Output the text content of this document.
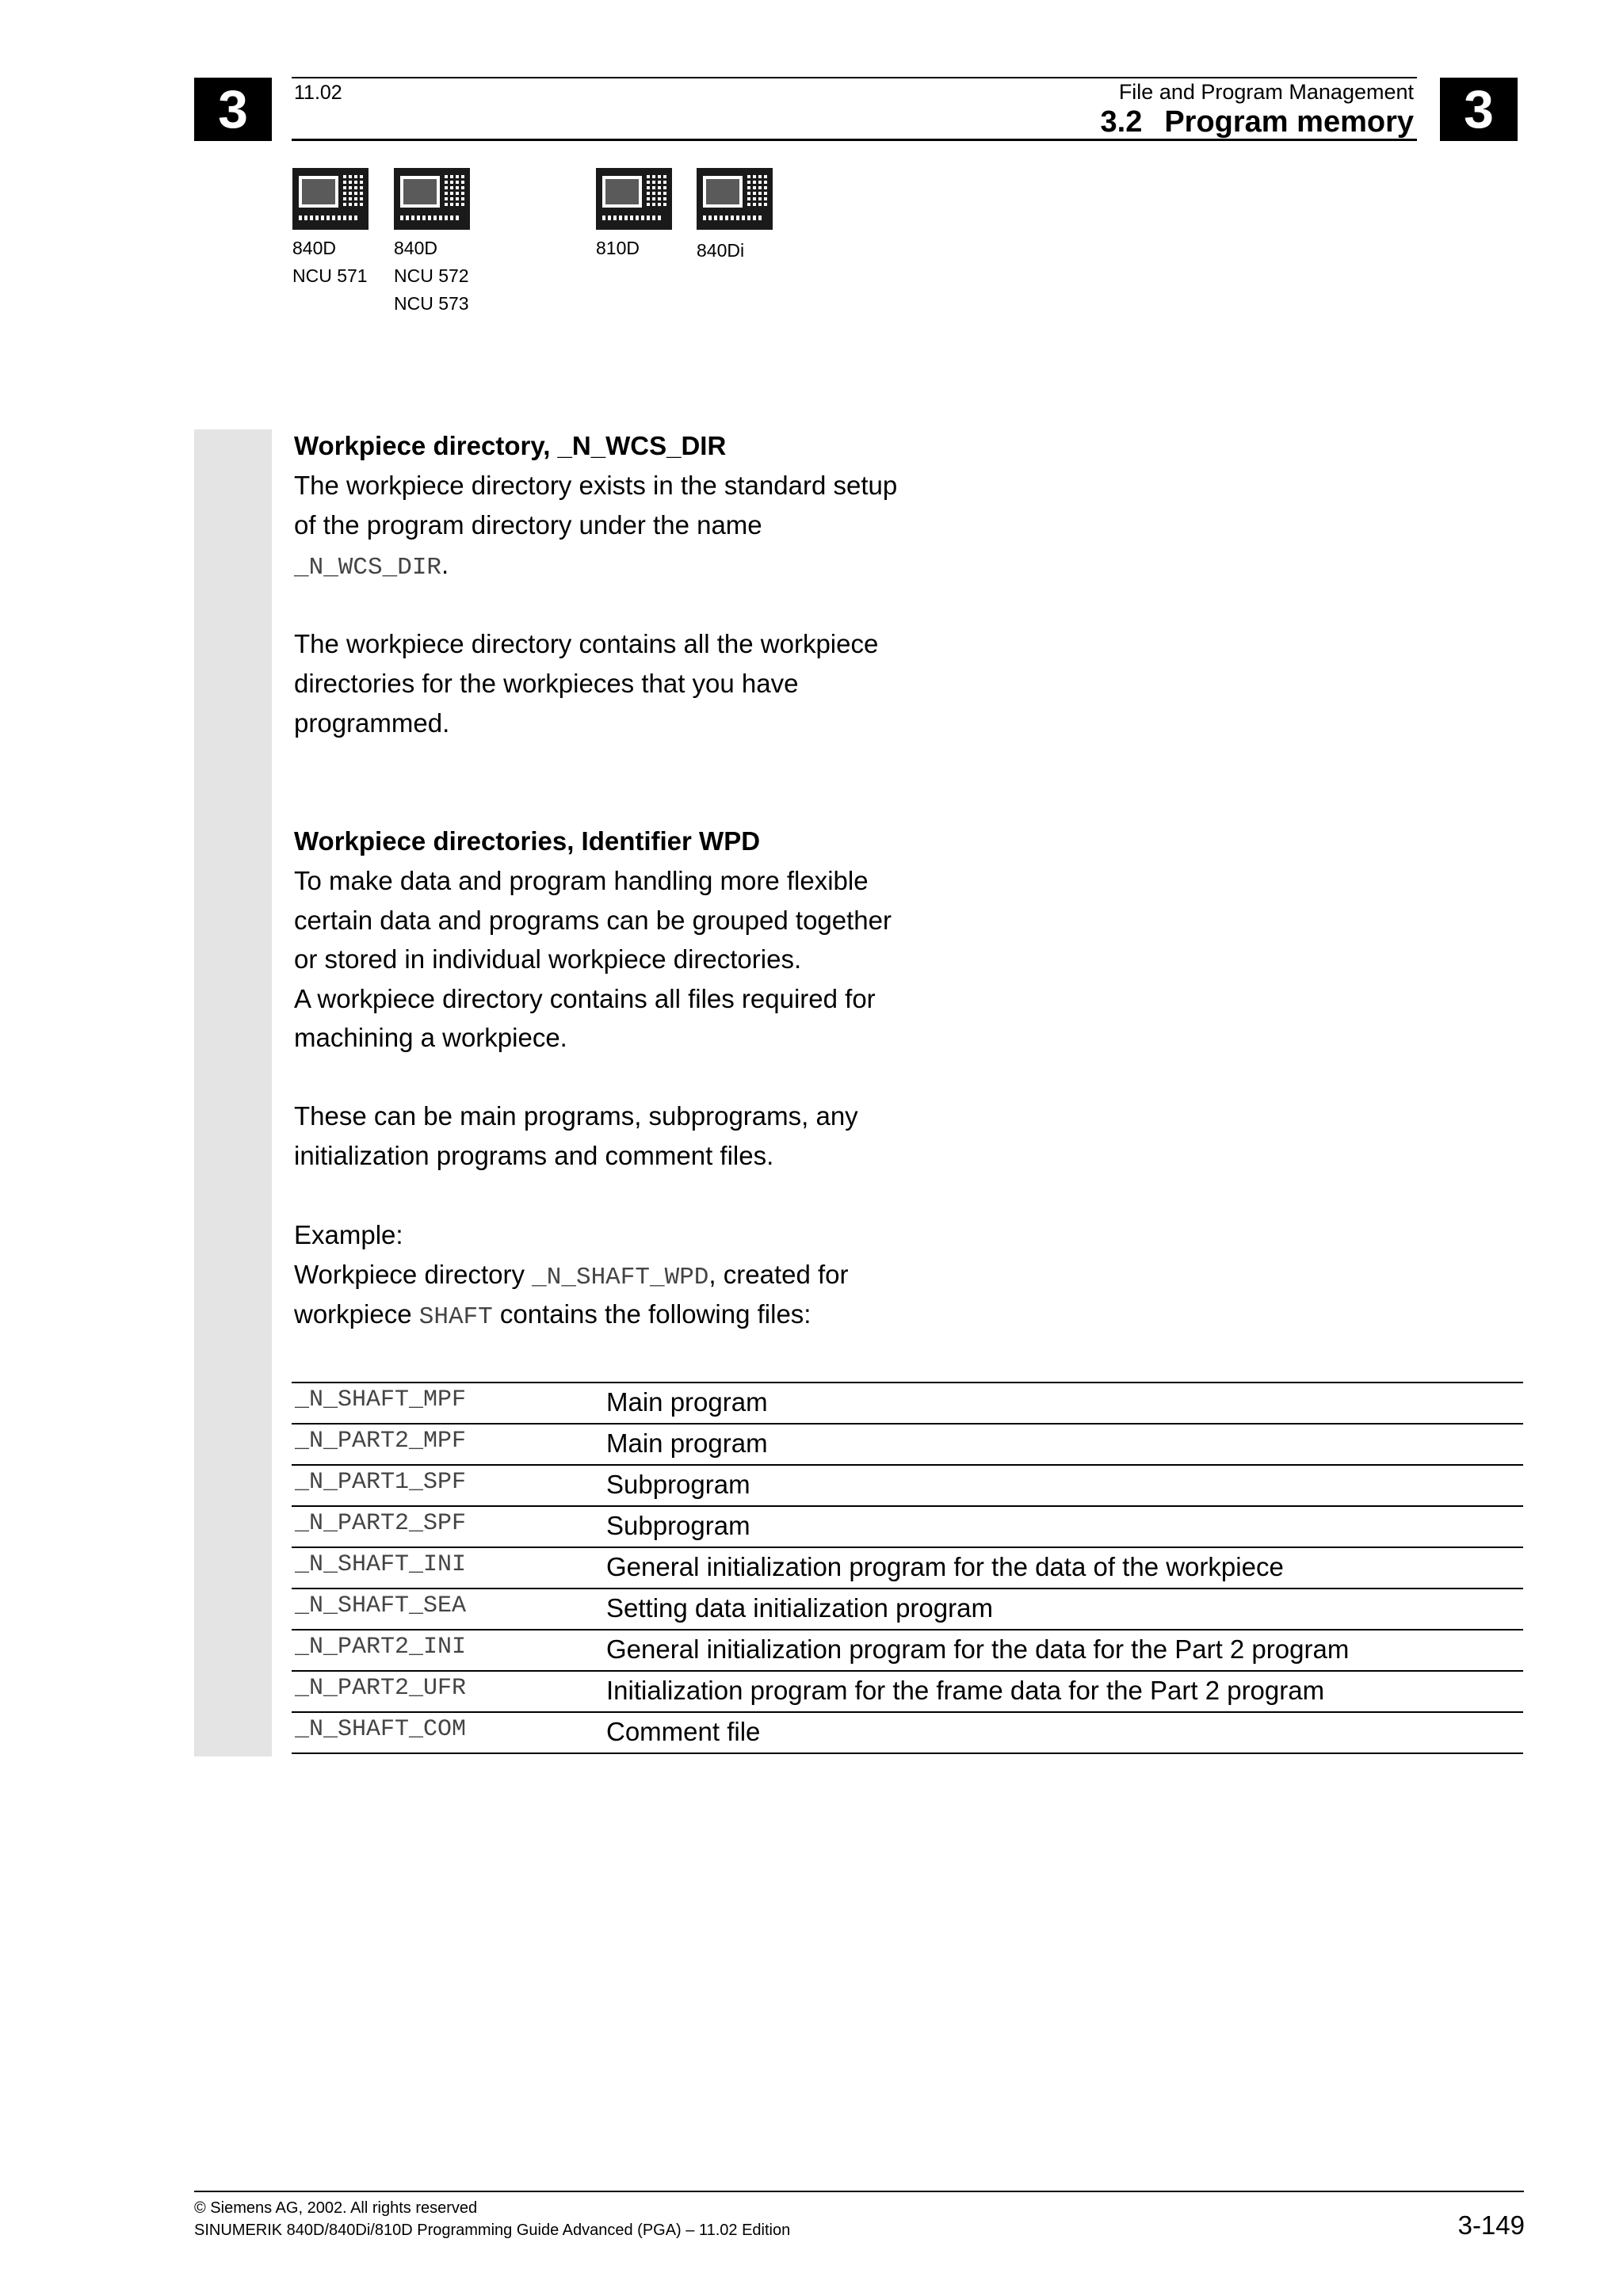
3	3
11.02	File and Program Management
3.2 Program memory
840D
NCU 571
840D
NCU 572
NCU 573
810D	840Di
Workpiece directory, _N_WCS_DIR
The workpiece directory exists in the standard setup
of the program directory under the name
_N_WCS_DIR.
The workpiece directory contains all the workpiece
directories for the workpieces that you have
programmed.
Workpiece directories, Identifier WPD
To make data and program handling more flexible
certain data and programs can be grouped together
or stored in individual workpiece directories.
A workpiece directory contains all files required for
machining a workpiece.
These can be main programs, subprograms, any
initialization programs and comment files.
Example:
Workpiece directory _N_SHAFT_WPD, created for
workpiece SHAFT contains the following files:
_N_SHAFT_MPF	Main program
_N_PART2_MPF	Main program
_N_PART1_SPF	Subprogram
_N_PART2_SPF	Subprogram
_N_SHAFT_INI	General initialization program for the data of the workpiece
_N_SHAFT_SEA	Setting data initialization program
_N_PART2_INI	General initialization program for the data for the Part 2 program
_N_PART2_UFR	Initialization program for the frame data for the Part 2 program
_N_SHAFT_COM	Comment file
© Siemens AG, 2002. All rights reserved
SINUMERIK 840D/840Di/810D Programming Guide Advanced (PGA) – 11.02 Edition	3-149
